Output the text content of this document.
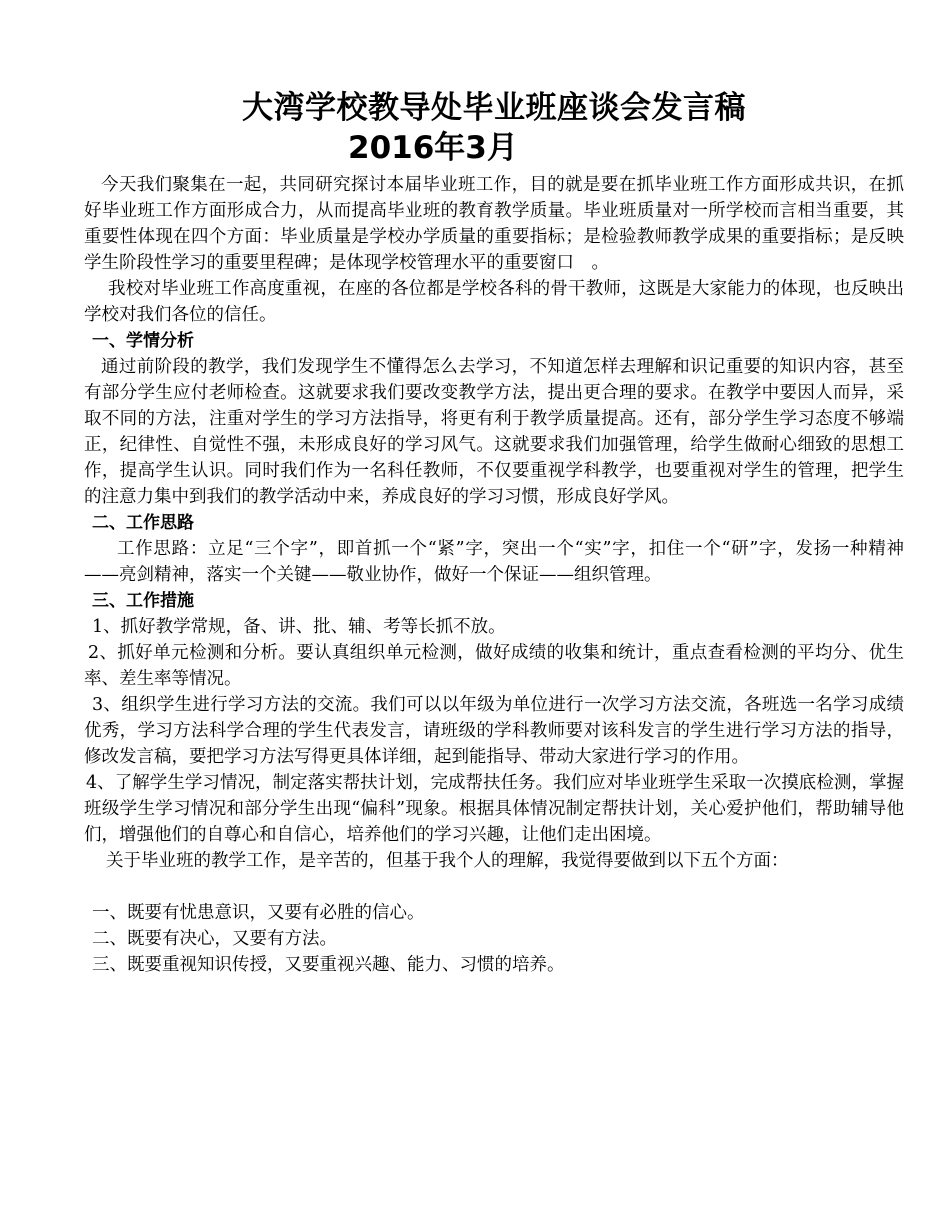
大湾学校教导处毕业班座谈会发言稿
2016年3月

今天我们聚集在一起，共同研究探讨本届毕业班工作，目的就是要在抓毕业班工作方面形成共识，在抓好毕业班工作方面形成合力，从而提高毕业班的教育教学质量。毕业班质量对一所学校而言相当重要，其重要性体现在四个方面：毕业质量是学校办学质量的重要指标；是检验教师教学成果的重要指标；是反映学生阶段性学习的重要里程碑；是体现学校管理水平的重要窗口　。

我校对毕业班工作高度重视，在座的各位都是学校各科的骨干教师，这既是大家能力的体现，也反映出学校对我们各位的信任。

一、学情分析

通过前阶段的教学，我们发现学生不懂得怎么去学习，不知道怎样去理解和识记重要的知识内容，甚至有部分学生应付老师检查。这就要求我们要改变教学方法，提出更合理的要求。在教学中要因人而异，采取不同的方法，注重对学生的学习方法指导，将更有利于教学质量提高。还有，部分学生学习态度不够端正，纪律性、自觉性不强，未形成良好的学习风气。这就要求我们加强管理，给学生做耐心细致的思想工作，提高学生认识。同时我们作为一名科任教师，不仅要重视学科教学，也要重视对学生的管理，把学生的注意力集中到我们的教学活动中来，养成良好的学习习惯，形成良好学风。

二、工作思路

工作思路：立足“三个字”，即首抓一个“紧”字，突出一个“实”字，扣住一个“研”字，发扬一种精神——亮剑精神，落实一个关键——敬业协作，做好一个保证——组织管理。

三、工作措施

1、抓好教学常规，备、讲、批、辅、考等长抓不放。

2、抓好单元检测和分析。要认真组织单元检测，做好成绩的收集和统计，重点查看检测的平均分、优生率、差生率等情况。

3、组织学生进行学习方法的交流。我们可以以年级为单位进行一次学习方法交流，各班选一名学习成绩优秀，学习方法科学合理的学生代表发言，请班级的学科教师要对该科发言的学生进行学习方法的指导，修改发言稿，要把学习方法写得更具体详细，起到能指导、带动大家进行学习的作用。

4、了解学生学习情况，制定落实帮扶计划，完成帮扶任务。我们应对毕业班学生采取一次摸底检测，掌握班级学生学习情况和部分学生出现“偏科”现象。根据具体情况制定帮扶计划，关心爱护他们，帮助辅导他们，增强他们的自尊心和自信心，培养他们的学习兴趣，让他们走出困境。

关于毕业班的教学工作，是辛苦的，但基于我个人的理解，我觉得要做到以下五个方面：

一、既要有忧患意识，又要有必胜的信心。

二、既要有决心，又要有方法。

三、既要重视知识传授，又要重视兴趣、能力、习惯的培养。
